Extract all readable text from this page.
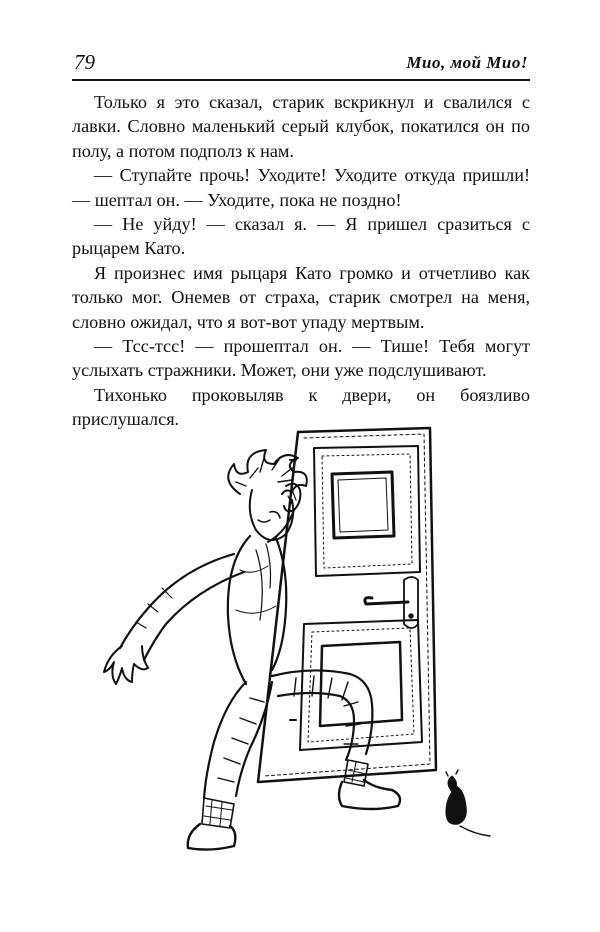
79	Мио, мой Мио!

Только я это сказал, старик вскрикнул и свалился с лавки. Словно маленький серый клубок, покатился он по полу, а потом подполз к нам.

— Ступайте прочь! Уходите! Уходите откуда пришли! — шептал он. — Уходите, пока не поздно!

— Не уйду! — сказал я. — Я пришел сразиться с рыцарем Като.

Я произнес имя рыцаря Като громко и отчетливо как только мог. Онемев от страха, старик смотрел на меня, словно ожидал, что я вот-вот упаду мертвым.

— Тсс-тсс! — прошептал он. — Тише! Тебя могут услыхать стражники. Может, они уже подслушивают.

Тихонько проковыляв к двери, он боязливо прислушался.
